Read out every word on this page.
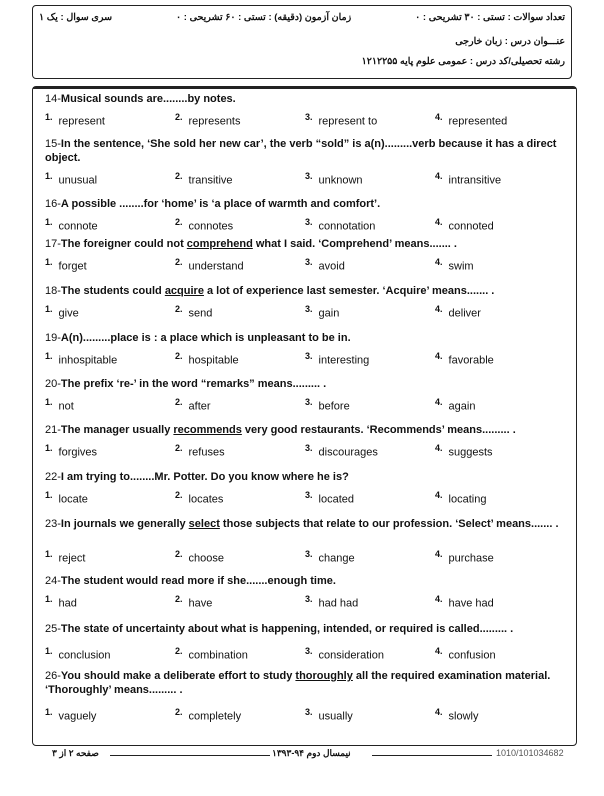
تعداد سوالات : تستی : ۳۰ تشریحی : ۰
زمان آزمون (دقیقه) : تستی : ۶۰ تشریحی : ۰
سری سوال : یک ۱
عنـــوان درس : زبان خارجی
رشته تحصیلی/کد درس : عمومی علوم پایه ۱۲۱۲۲۵۵
14-Musical sounds are........by notes.
$^{1.}$ represent	$^{2.}$ represents	$^{3.}$ represent to	$^{4.}$ represented
15-In the sentence, ‘She sold her new car’, the verb “sold” is a(n).........verb because it has a direct object.
$^{1.}$ unusual	$^{2.}$ transitive	$^{3.}$ unknown	$^{4.}$ intransitive
16-A possible ........for ‘home’ is ‘a place of warmth and comfort’.
$^{1.}$ connote	$^{2.}$ connotes	$^{3.}$ connotation	$^{4.}$ connoted
17-The foreigner could not comprehend what I said. ‘Comprehend’ means....... .
$^{1.}$ forget	$^{2.}$ understand	$^{3.}$ avoid	$^{4.}$ swim
18-The students could acquire a lot of experience last semester. ‘Acquire’ means....... .
$^{1.}$ give	$^{2.}$ send	$^{3.}$ gain	$^{4.}$ deliver
19-A(n).........place is : a place which is unpleasant to be in.
$^{1.}$ inhospitable	$^{2.}$ hospitable	$^{3.}$ interesting	$^{4.}$ favorable
20-The prefix ‘re-’ in the word “remarks” means......... .
$^{1.}$ not	$^{2.}$ after	$^{3.}$ before	$^{4.}$ again
21-The manager usually recommends very good restaurants. ‘Recommends’ means......... .
$^{1.}$ forgives	$^{2.}$ refuses	$^{3.}$ discourages	$^{4.}$ suggests
22-I am trying to........Mr. Potter. Do you know where he is?
$^{1.}$ locate	$^{2.}$ locates	$^{3.}$ located	$^{4.}$ locating
23-In journals we generally select those subjects that relate to our profession. ‘Select’ means....... .
$^{1.}$ reject	$^{2.}$ choose	$^{3.}$ change	$^{4.}$ purchase
24-The student would read more if she.......enough time.
$^{1.}$ had	$^{2.}$ have	$^{3.}$ had had	$^{4.}$ have had
25-The state of uncertainty about what is happening, intended, or required is called......... .
$^{1.}$ conclusion	$^{2.}$ combination	$^{3.}$ consideration	$^{4.}$ confusion
26-You should make a deliberate effort to study thoroughly all the required examination material. ‘Thoroughly’ means......... .
$^{1.}$ vaguely	$^{2.}$ completely	$^{3.}$ usually	$^{4.}$ slowly
صفحه ۲ از ۳	نیمسال دوم ۹۴-۱۳۹۳	1010/101034682
